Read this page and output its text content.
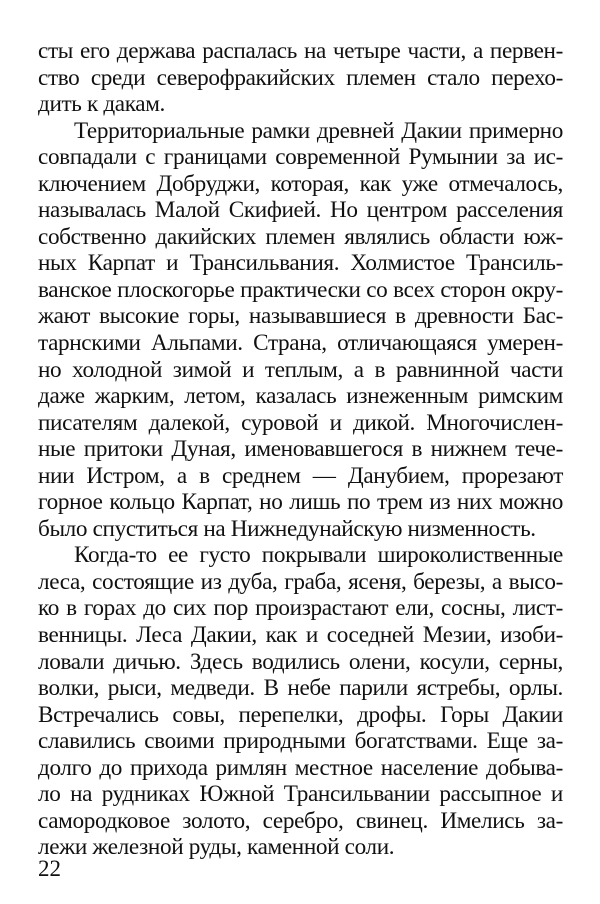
сты его держава распалась на четыре части, а первен-
ство среди северофракийских племен стало перехо-
дить к дакам.
Территориальные рамки древней Дакии примерно
совпадали с границами современной Румынии за ис-
ключением Добруджи, которая, как уже отмечалось,
называлась Малой Скифией. Но центром расселения
собственно дакийских племен являлись области юж-
ных Карпат и Трансильвания. Холмистое Трансиль-
ванское плоскогорье практически со всех сторон окру-
жают высокие горы, называвшиеся в древности Бас-
тарнскими Альпами. Страна, отличающаяся умерен-
но холодной зимой и теплым, а в равнинной части
даже жарким, летом, казалась изнеженным римским
писателям далекой, суровой и дикой. Многочислен-
ные притоки Дуная, именовавшегося в нижнем тече-
нии Истром, а в среднем — Данубием, прорезают
горное кольцо Карпат, но лишь по трем из них можно
было спуститься на Нижнедунайскую низменность.
Когда-то ее густо покрывали широколиственные
леса, состоящие из дуба, граба, ясеня, березы, а высо-
ко в горах до сих пор произрастают ели, сосны, лист-
венницы. Леса Дакии, как и соседней Мезии, изоби-
ловали дичью. Здесь водились олени, косули, серны,
волки, рыси, медведи. В небе парили ястребы, орлы.
Встречались совы, перепелки, дрофы. Горы Дакии
славились своими природными богатствами. Еще за-
долго до прихода римлян местное население добыва-
ло на рудниках Южной Трансильвании рассыпное и
самородковое золото, серебро, свинец. Имелись за-
лежи железной руды, каменной соли.
22
